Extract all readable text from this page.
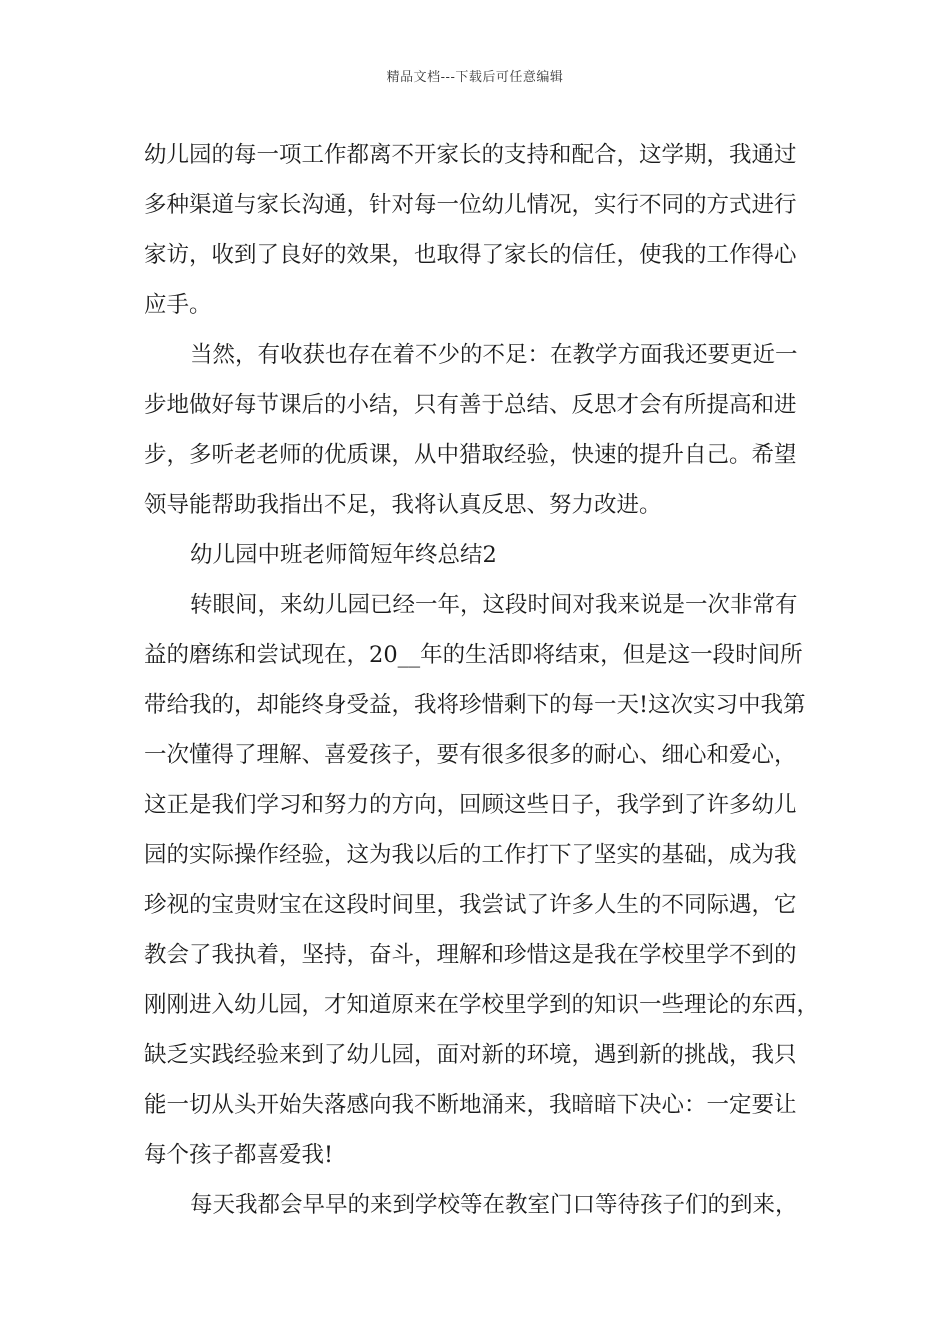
精品文档---下载后可任意编辑
幼儿园的每一项工作都离不开家长的支持和配合，这学期，我通过
多种渠道与家长沟通，针对每一位幼儿情况，实行不同的方式进行
家访，收到了良好的效果，也取得了家长的信任，使我的工作得心
应手。
当然，有收获也存在着不少的不足：在教学方面我还要更近一
步地做好每节课后的小结，只有善于总结、反思才会有所提高和进
步，多听老老师的优质课，从中猎取经验，快速的提升自己。希望
领导能帮助我指出不足，我将认真反思、努力改进。
幼儿园中班老师简短年终总结2
转眼间，来幼儿园已经一年，这段时间对我来说是一次非常有
益的磨练和尝试现在，20__年的生活即将结束，但是这一段时间所
带给我的，却能终身受益，我将珍惜剩下的每一天!这次实习中我第
一次懂得了理解、喜爱孩子，要有很多很多的耐心、细心和爱心，
这正是我们学习和努力的方向，回顾这些日子，我学到了许多幼儿
园的实际操作经验，这为我以后的工作打下了坚实的基础，成为我
珍视的宝贵财宝在这段时间里，我尝试了许多人生的不同际遇，它
教会了我执着，坚持，奋斗，理解和珍惜这是我在学校里学不到的
刚刚进入幼儿园，才知道原来在学校里学到的知识一些理论的东西，
缺乏实践经验来到了幼儿园，面对新的环境，遇到新的挑战，我只
能一切从头开始失落感向我不断地涌来，我暗暗下决心：一定要让
每个孩子都喜爱我!
每天我都会早早的来到学校等在教室门口等待孩子们的到来，
